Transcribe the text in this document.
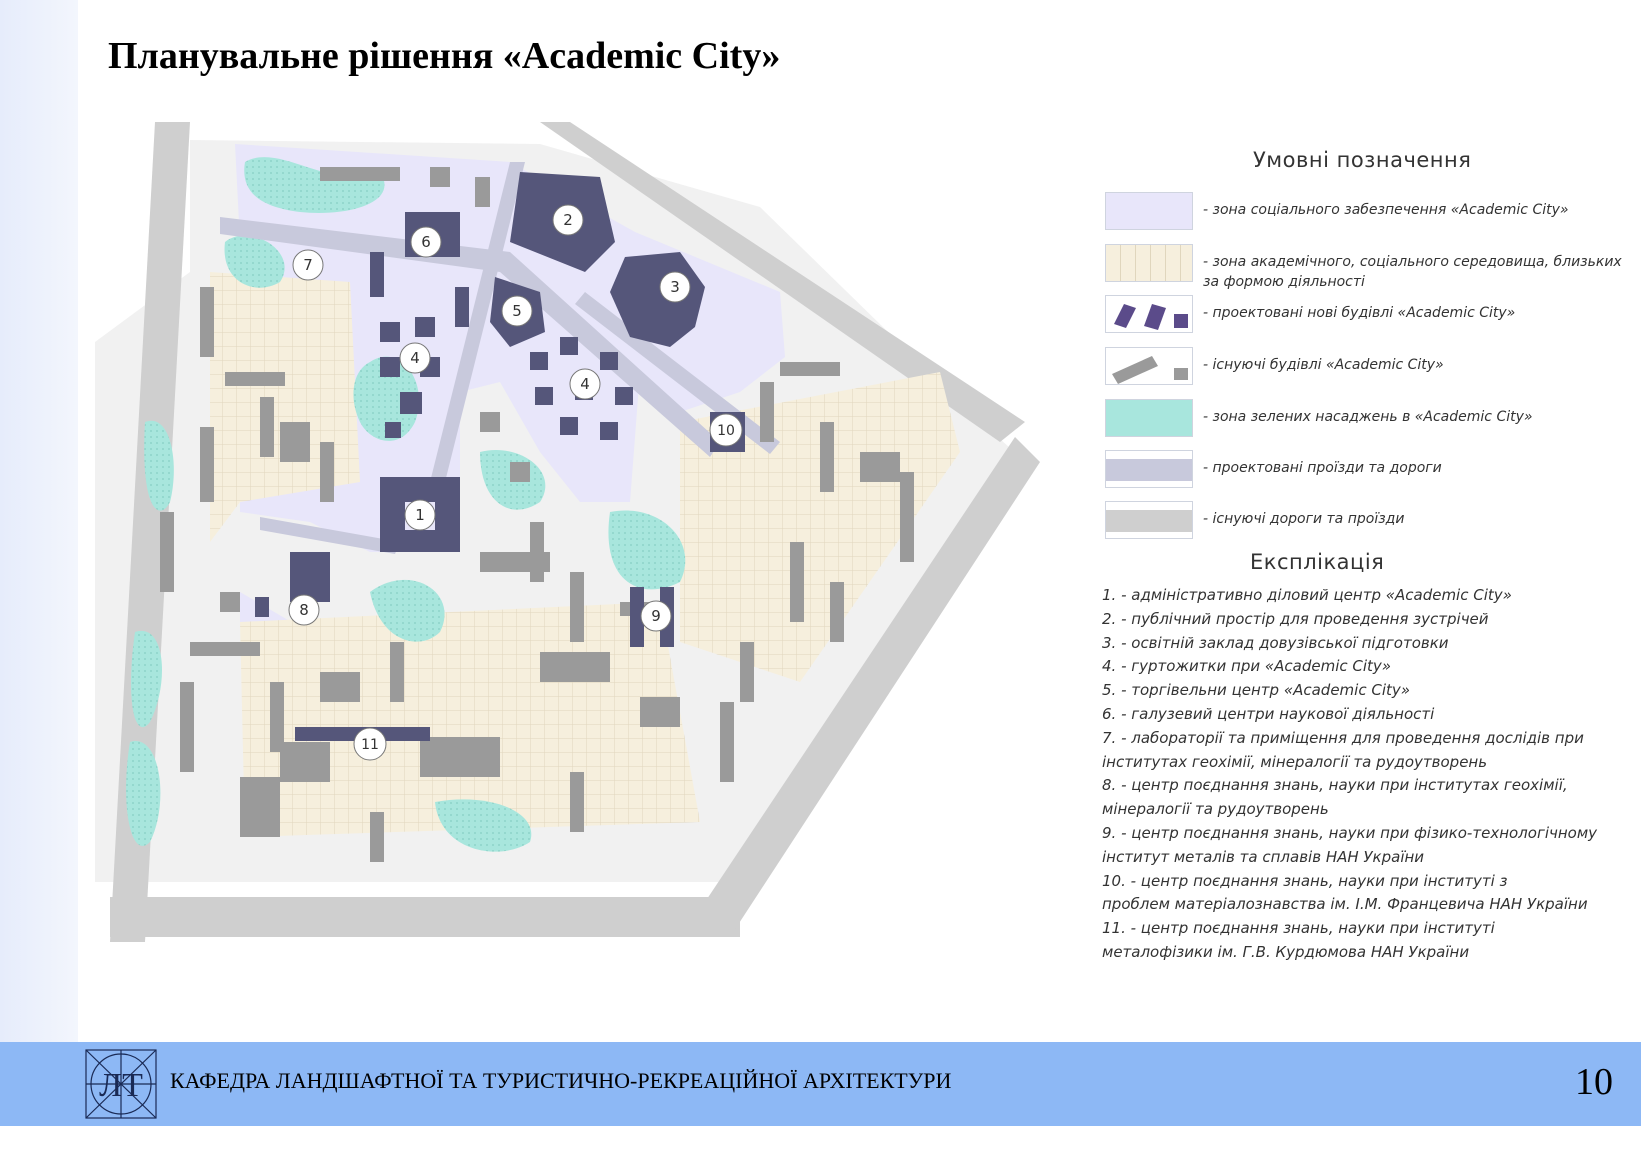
Планувальне рішення «Academic City»
1
2
3
4
4
5
6
7
8	9
10
11
Умовні позначення
- зона соціального забезпечення «Academic City»
- зона академічного, соціального середовища, близьких за формою діяльності
- проектовані нові будівлі «Academic City»
- існуючі будівлі «Academic City»
- зона зелених насаджень в «Academic City»
- проектовані проїзди та дороги
- існуючі дороги та проїзди
Експлікація
1. - адміністративно діловий центр «Academic City»
2. - публічний простір для проведення зустрічей
3. - освітній заклад довузівської підготовки
4. - гуртожитки при «Academic City»
5. - торгівельни центр «Academic City»
6. - галузевий центри наукової діяльності
7. - лабораторії та приміщення для проведення дослідів при
інститутах геохімії, мінералогії та рудоутворень
8. - центр поєднання знань, науки при інститутах геохімії,
мінералогії та рудоутворень
9. - центр поєднання знань, науки при фізико-технологічному
інститут металів та сплавів НАН України
10. - центр поєднання знань, науки при інституті з
проблем матеріалознавства ім. І.М. Францевича НАН України
11. - центр поєднання знань, науки при інституті
металофізики ім. Г.В. Курдюмова НАН України
ЛТ КАФЕДРА ЛАНДШАФТНОЇ ТА ТУРИСТИЧНО-РЕКРЕАЦІЙНОЇ АРХІТЕКТУРИ	10
